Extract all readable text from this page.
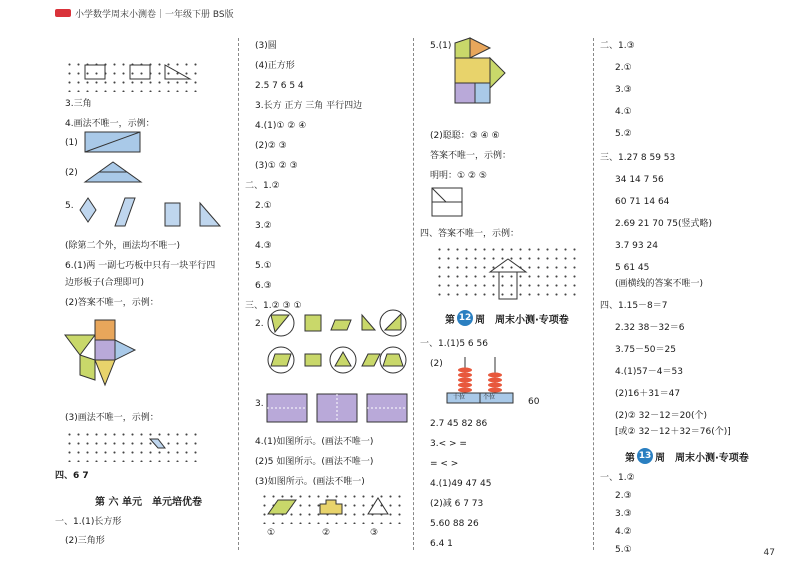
小学数学周末小测卷｜一年级下册 BS版
3.三角
4.画法不唯一，示例：
(1)
(2)
5.
(除第二个外，画法均不唯一)
6.(1)两 一副七巧板中只有一块平行四
边形板子(合理即可)
(2)答案不唯一，示例：
(3)画法不唯一，示例：
四、6 7
第 六 单元　单元培优卷
一、1.(1)长方形
(2)三角形
(3)圆
(4)正方形
2.5 7 6 5 4
3.长方 正方 三角 平行四边
4.(1)① ② ④
(2)② ③
(3)① ② ③
二、1.②
2.①
3.②
4.③
5.①
6.③
三、1.② ③ ①
2.
3.
4.(1)如图所示。(画法不唯一)
(2)5 如图所示。(画法不唯一)
(3)如图所示。(画法不唯一)
①	②	③
5.(1)
(2)聪聪：③ ④ ⑥
答案不唯一，示例：
明明：① ② ⑤
四、答案不唯一，示例：
第 12 周　周末小测·专项卷
一、1.(1)5 6 56
(2)
十位	个位	60
2.7 45 82 86
3.< > =
= < >
4.(1)49 47 45
(2)减 6 7 73
5.60 88 26
6.4 1
二、1.③
2.①
3.③
4.①
5.②
三、1.27 8 59 53
34 14 7 56
60 71 14 64
2.69 21 70 75(竖式略)
3.7 93 24
5 61 45
(画横线的答案不唯一)
四、1.15－8＝7
2.32 38－32＝6
3.75－50＝25
4.(1)57－4＝53
(2)16＋31＝47
(2)② 32－12＝20(个)
[或② 32－12＋32＝76(个)]
第 13 周　周末小测·专项卷
一、1.②
2.③
3.③
4.②
5.①	47
